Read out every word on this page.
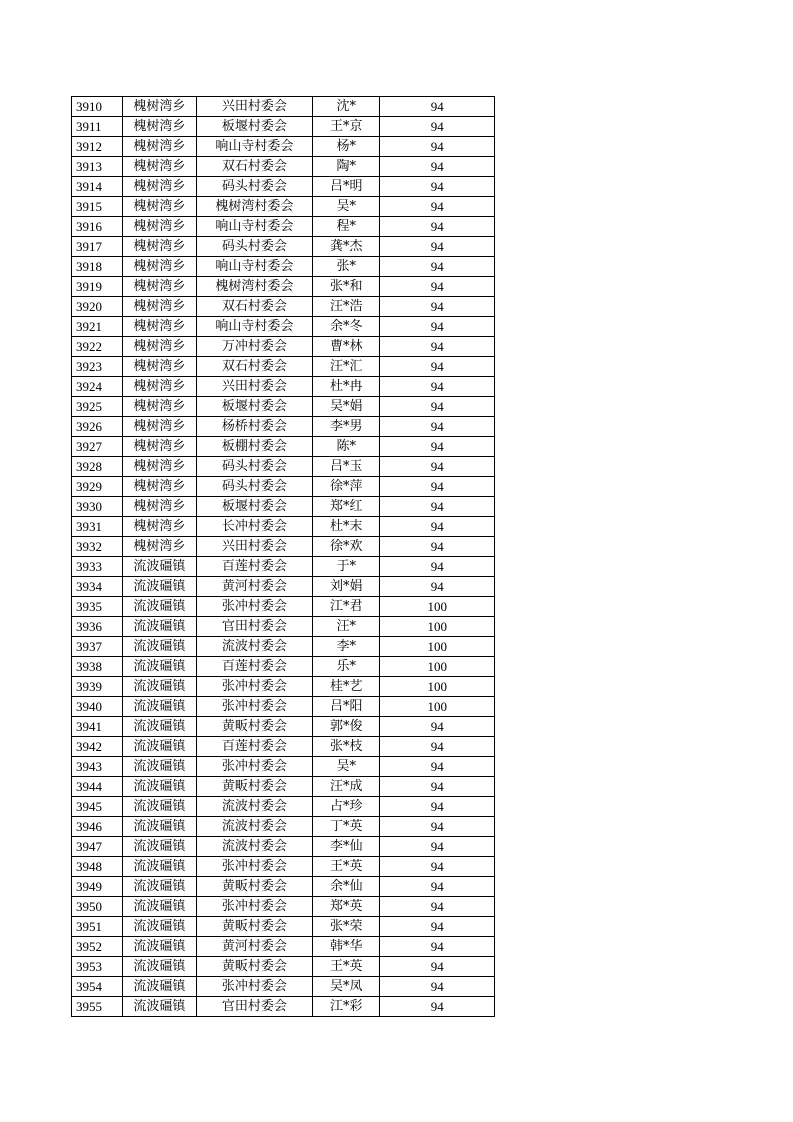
3910	槐树湾乡	兴田村委会	沈*	94
3911	槐树湾乡	板堰村委会	王*京	94
3912	槐树湾乡	响山寺村委会	杨*	94
3913	槐树湾乡	双石村委会	陶*	94
3914	槐树湾乡	码头村委会	吕*明	94
3915	槐树湾乡	槐树湾村委会	吴*	94
3916	槐树湾乡	响山寺村委会	程*	94
3917	槐树湾乡	码头村委会	龚*杰	94
3918	槐树湾乡	响山寺村委会	张*	94
3919	槐树湾乡	槐树湾村委会	张*和	94
3920	槐树湾乡	双石村委会	汪*浩	94
3921	槐树湾乡	响山寺村委会	余*冬	94
3922	槐树湾乡	万冲村委会	曹*林	94
3923	槐树湾乡	双石村委会	汪*汇	94
3924	槐树湾乡	兴田村委会	杜*冉	94
3925	槐树湾乡	板堰村委会	吴*娟	94
3926	槐树湾乡	杨桥村委会	李*男	94
3927	槐树湾乡	板棚村委会	陈*	94
3928	槐树湾乡	码头村委会	吕*玉	94
3929	槐树湾乡	码头村委会	徐*萍	94
3930	槐树湾乡	板堰村委会	郑*红	94
3931	槐树湾乡	长冲村委会	杜*末	94
3932	槐树湾乡	兴田村委会	徐*欢	94
3933	流波礓镇	百莲村委会	于*	94
3934	流波礓镇	黄河村委会	刘*娟	94
3935	流波礓镇	张冲村委会	江*君	100
3936	流波礓镇	官田村委会	汪*	100
3937	流波礓镇	流波村委会	李*	100
3938	流波礓镇	百莲村委会	乐*	100
3939	流波礓镇	张冲村委会	桂*艺	100
3940	流波礓镇	张冲村委会	吕*阳	100
3941	流波礓镇	黄畈村委会	郭*俊	94
3942	流波礓镇	百莲村委会	张*枝	94
3943	流波礓镇	张冲村委会	吴*	94
3944	流波礓镇	黄畈村委会	汪*成	94
3945	流波礓镇	流波村委会	占*珍	94
3946	流波礓镇	流波村委会	丁*英	94
3947	流波礓镇	流波村委会	李*仙	94
3948	流波礓镇	张冲村委会	王*英	94
3949	流波礓镇	黄畈村委会	余*仙	94
3950	流波礓镇	张冲村委会	郑*英	94
3951	流波礓镇	黄畈村委会	张*荣	94
3952	流波礓镇	黄河村委会	韩*华	94
3953	流波礓镇	黄畈村委会	王*英	94
3954	流波礓镇	张冲村委会	吴*凤	94
3955	流波礓镇	官田村委会	江*彩	94
